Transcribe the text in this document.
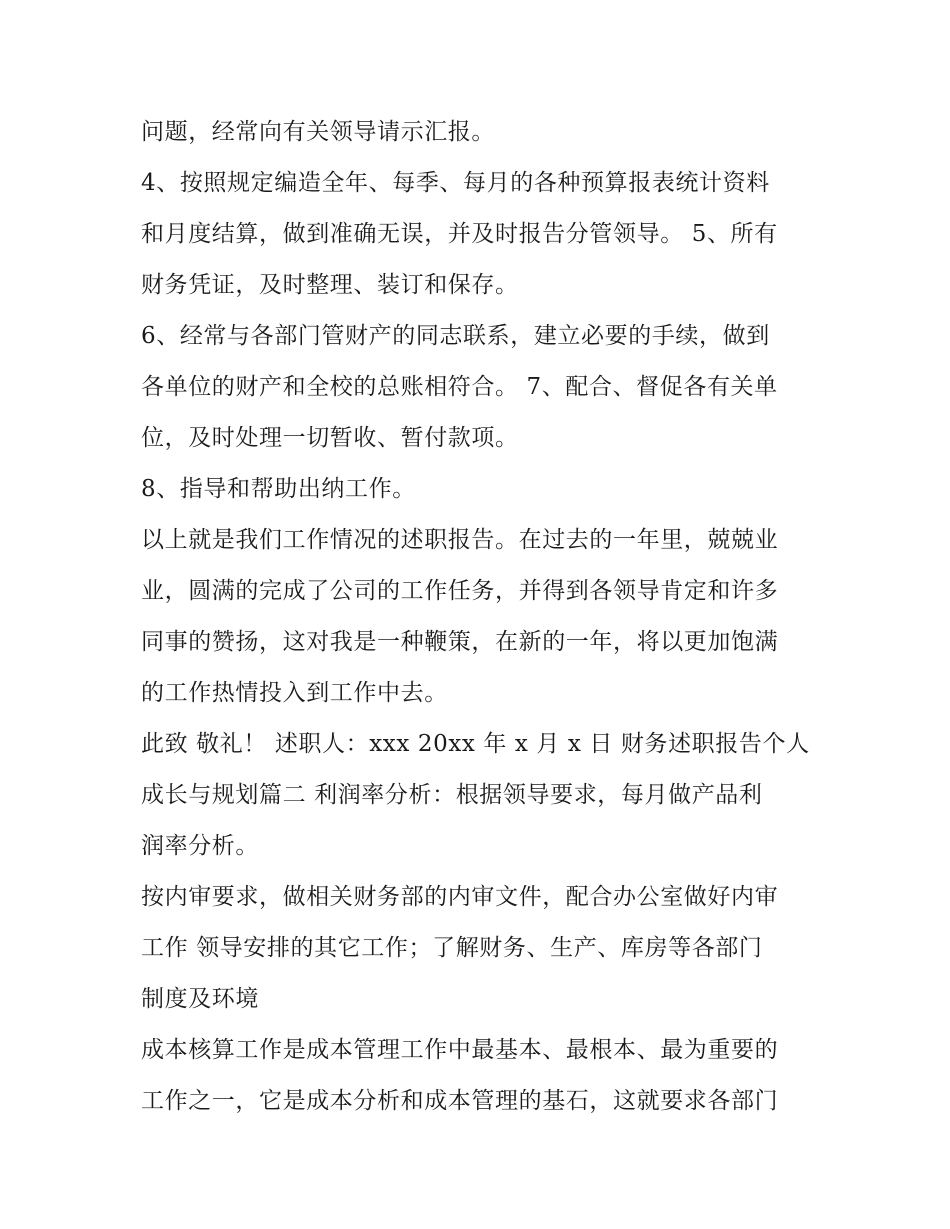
问题，经常向有关领导请示汇报。
4、按照规定编造全年、每季、每月的各种预算报表统计资料
和月度结算，做到准确无误，并及时报告分管领导。 5、所有
财务凭证，及时整理、装订和保存。
6、经常与各部门管财产的同志联系，建立必要的手续，做到
各单位的财产和全校的总账相符合。 7、配合、督促各有关单
位，及时处理一切暂收、暂付款项。
8、指导和帮助出纳工作。
以上就是我们工作情况的述职报告。在过去的一年里，兢兢业
业，圆满的完成了公司的工作任务，并得到各领导肯定和许多
同事的赞扬，这对我是一种鞭策，在新的一年，将以更加饱满
的工作热情投入到工作中去。
此致 敬礼！ 述职人：xxx 20xx 年 x 月 x 日 财务述职报告个人
成长与规划篇二 利润率分析：根据领导要求，每月做产品利
润率分析。
按内审要求，做相关财务部的内审文件，配合办公室做好内审
工作 领导安排的其它工作；了解财务、生产、库房等各部门
制度及环境
成本核算工作是成本管理工作中最基本、最根本、最为重要的
工作之一，它是成本分析和成本管理的基石，这就要求各部门
